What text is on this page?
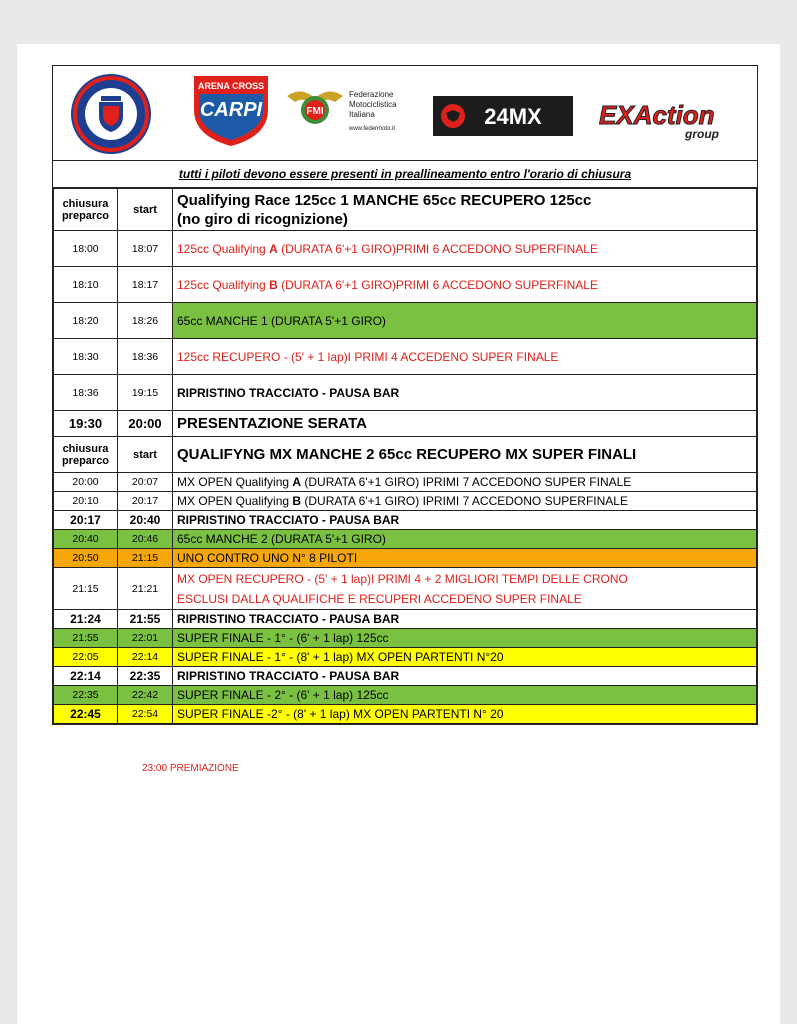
ARENA CROSS
CARPI	FMI
Federazione
Motociclistica
Italiana
www.federmoto.it	24MX EXAction
group
tutti i piloti devono essere presenti in preallineamento entro l'orario di chiusura
chiusura preparco	start	Qualifying Race 125cc 1 MANCHE 65cc RECUPERO 125cc
(no giro di ricognizione)

18:00	18:07	125cc Qualifying A (DURATA 6'+1 GIRO)PRIMI 6 ACCEDONO SUPERFINALE
18:10	18:17	125cc Qualifying B (DURATA 6'+1 GIRO)PRIMI 6 ACCEDONO SUPERFINALE
18:20	18:26	65cc MANCHE 1 (DURATA 5'+1 GIRO)
18:30	18:36	125cc RECUPERO - (5' + 1 lap)I PRIMI 4 ACCEDENO SUPER FINALE
18:36	19:15	RIPRISTINO TRACCIATO - PAUSA BAR
19:30	20:00	PRESENTAZIONE SERATA
chiusura preparco	start	QUALIFYNG MX MANCHE 2 65cc RECUPERO MX SUPER FINALI
20:00	20:07	MX OPEN Qualifying A (DURATA 6'+1 GIRO) IPRIMI 7 ACCEDONO SUPER FINALE
20:10	20:17	MX OPEN Qualifying B (DURATA 6'+1 GIRO) IPRIMI 7 ACCEDONO SUPERFINALE
20:17	20:40	RIPRISTINO TRACCIATO - PAUSA BAR
20:40	20:46	65cc MANCHE 2 (DURATA 5'+1 GIRO)
20:50	21:15	UNO CONTRO UNO N° 8 PILOTI
21:15	21:21	MX OPEN RECUPERO - (5' + 1 lap)I PRIMI 4 + 2 MIGLIORI TEMPI DELLE CRONO
ESCLUSI DALLA QUALIFICHE E RECUPERI ACCEDENO SUPER FINALE

21:24	21:55	RIPRISTINO TRACCIATO - PAUSA BAR
21:55	22:01	SUPER FINALE - 1° - (6' + 1 lap) 125cc
22:05	22:14	SUPER FINALE - 1° - (8' + 1 lap) MX OPEN PARTENTI N°20
22:14	22:35	RIPRISTINO TRACCIATO - PAUSA BAR
22:35	22:42	SUPER FINALE - 2° - (6' + 1 lap) 125cc
22:45	22:54	SUPER FINALE -2° - (8' + 1 lap) MX OPEN PARTENTI N° 20
23:00 PREMIAZIONE
